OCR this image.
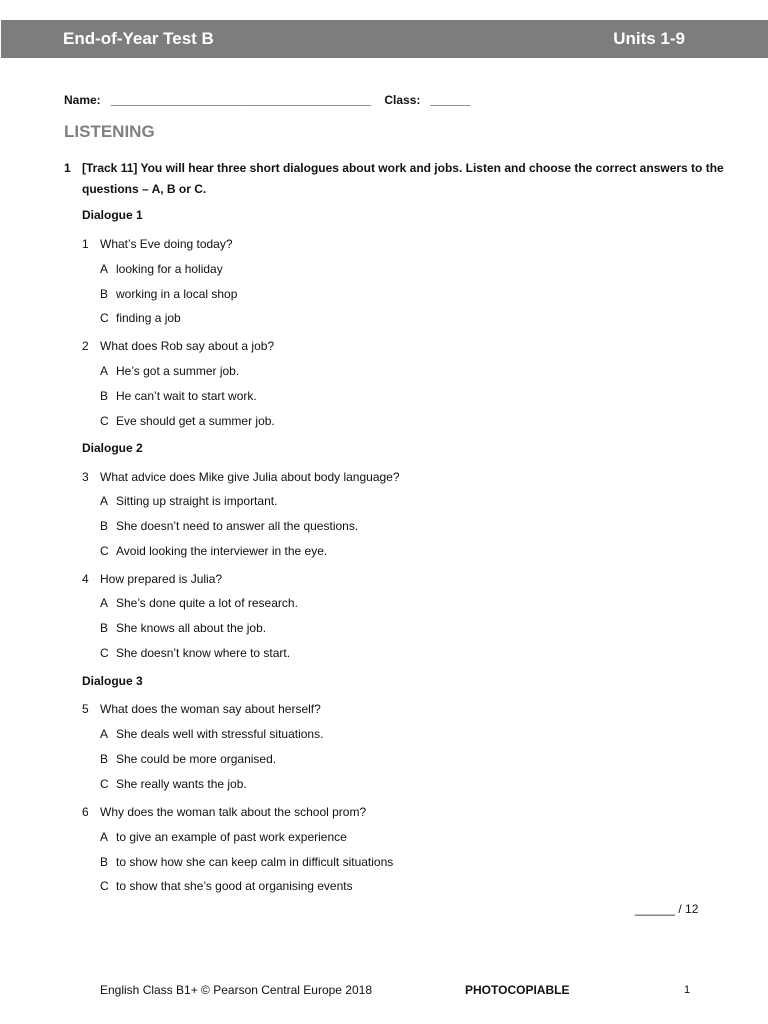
End-of-Year Test B	Units 1-9
Name: _______________________________________ Class: ______
LISTENING
1 [Track 11] You will hear three short dialogues about work and jobs. Listen and choose the correct answers to the questions – A, B or C.
Dialogue 1
1 What’s Eve doing today?
A looking for a holiday
B working in a local shop
C finding a job
2 What does Rob say about a job?
A He’s got a summer job.
B He can’t wait to start work.
C Eve should get a summer job.
Dialogue 2
3 What advice does Mike give Julia about body language?
A Sitting up straight is important.
B She doesn’t need to answer all the questions.
C Avoid looking the interviewer in the eye.
4 How prepared is Julia?
A She’s done quite a lot of research.
B She knows all about the job.
C She doesn’t know where to start.
Dialogue 3
5 What does the woman say about herself?
A She deals well with stressful situations.
B She could be more organised.
C She really wants the job.
6 Why does the woman talk about the school prom?
A to give an example of past work experience
B to show how she can keep calm in difficult situations
C to show that she’s good at organising events
______ / 12
English Class B1+ © Pearson Central Europe 2018	PHOTOCOPIABLE	1
